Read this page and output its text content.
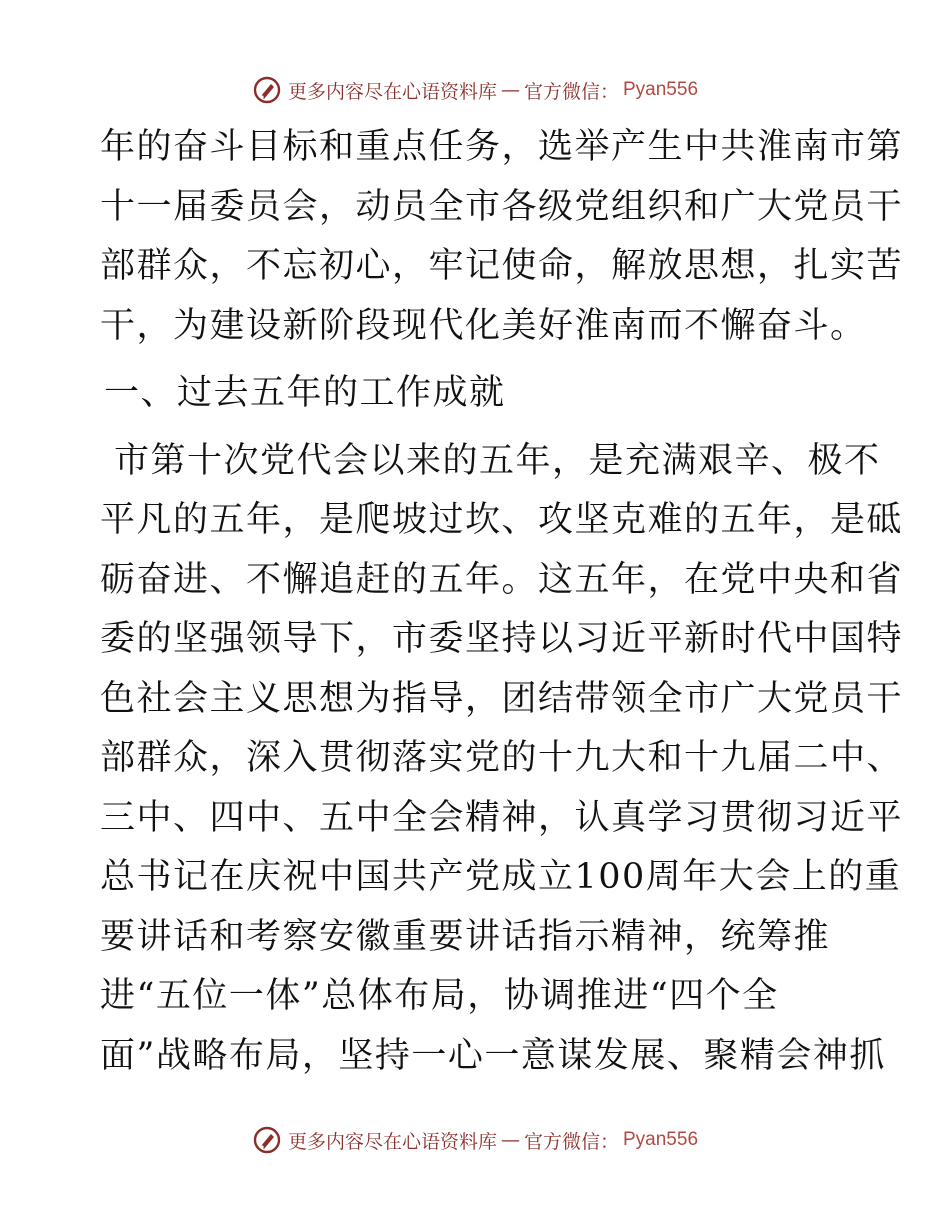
更多内容尽在心语资料库 — 官方微信： Pyan556
年的奋斗目标和重点任务，选举产生中共淮南市第
十一届委员会，动员全市各级党组织和广大党员干
部群众，不忘初心，牢记使命，解放思想，扎实苦
干，为建设新阶段现代化美好淮南而不懈奋斗。
一、过去五年的工作成就
市第十次党代会以来的五年，是充满艰辛、极不
平凡的五年，是爬坡过坎、攻坚克难的五年，是砥
砺奋进、不懈追赶的五年。这五年，在党中央和省
委的坚强领导下，市委坚持以习近平新时代中国特
色社会主义思想为指导，团结带领全市广大党员干
部群众，深入贯彻落实党的十九大和十九届二中、
三中、四中、五中全会精神，认真学习贯彻习近平
总书记在庆祝中国共产党成立100周年大会上的重
要讲话和考察安徽重要讲话指示精神，统筹推
进“五位一体”总体布局，协调推进“四个全
面”战略布局，坚持一心一意谋发展、聚精会神抓
更多内容尽在心语资料库 — 官方微信： Pyan556
